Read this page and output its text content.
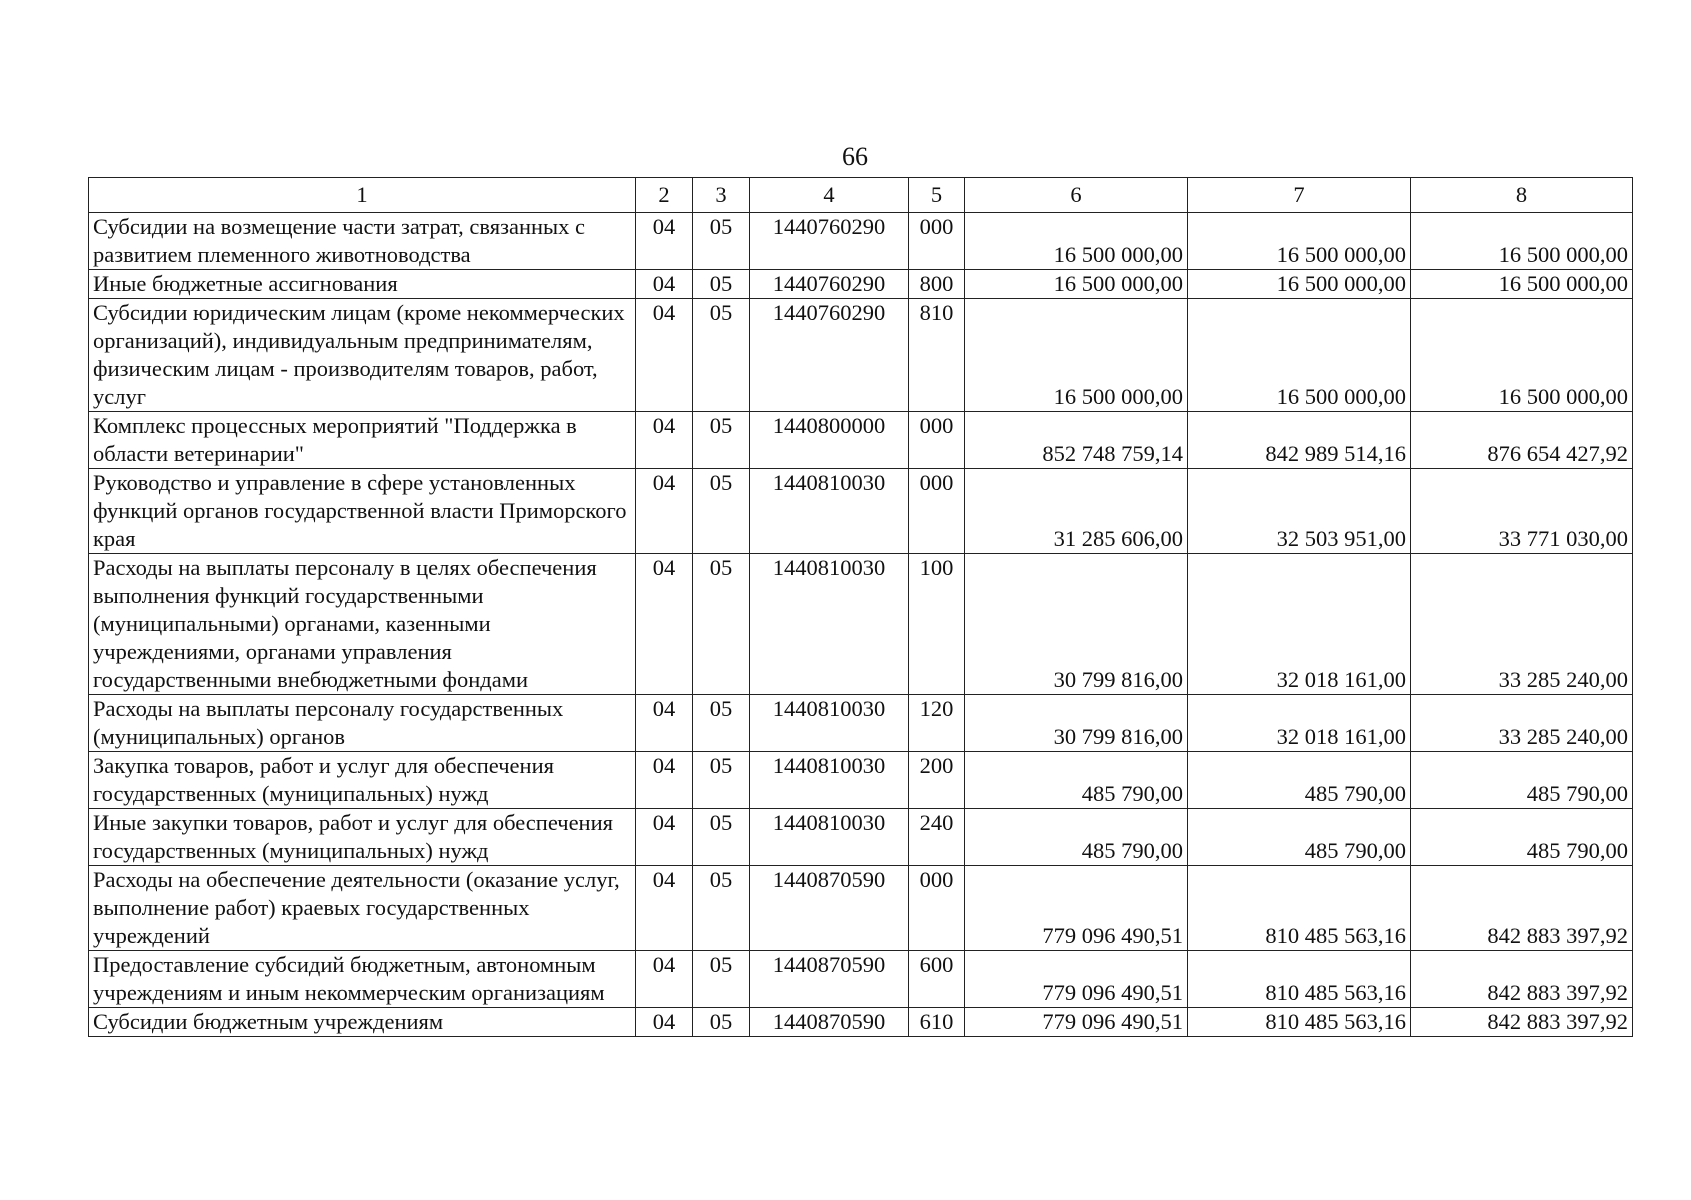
66
1	2	3	4	5	6	7	8
Субсидии на возмещение части затрат, связанных с развитием племенного животноводства	04	05	1440760290	000	16 500 000,00	16 500 000,00	16 500 000,00
Иные бюджетные ассигнования	04	05	1440760290	800	16 500 000,00	16 500 000,00	16 500 000,00
Субсидии юридическим лицам (кроме некоммерческих организаций), индивидуальным предпринимателям, физическим лицам - производителям товаров, работ, услуг	04	05	1440760290	810	16 500 000,00	16 500 000,00	16 500 000,00
Комплекс процессных мероприятий "Поддержка в области ветеринарии"	04	05	1440800000	000	852 748 759,14	842 989 514,16	876 654 427,92
Руководство и управление в сфере установленных функций органов государственной власти Приморского края	04	05	1440810030	000	31 285 606,00	32 503 951,00	33 771 030,00
Расходы на выплаты персоналу в целях обеспечения выполнения функций государственными (муниципальными) органами, казенными учреждениями, органами управления государственными внебюджетными фондами	04	05	1440810030	100	30 799 816,00	32 018 161,00	33 285 240,00
Расходы на выплаты персоналу государственных (муниципальных) органов	04	05	1440810030	120	30 799 816,00	32 018 161,00	33 285 240,00
Закупка товаров, работ и услуг для обеспечения государственных (муниципальных) нужд	04	05	1440810030	200	485 790,00	485 790,00	485 790,00
Иные закупки товаров, работ и услуг для обеспечения государственных (муниципальных) нужд	04	05	1440810030	240	485 790,00	485 790,00	485 790,00
Расходы на обеспечение деятельности (оказание услуг, выполнение работ) краевых государственных учреждений	04	05	1440870590	000	779 096 490,51	810 485 563,16	842 883 397,92
Предоставление субсидий бюджетным, автономным учреждениям и иным некоммерческим организациям	04	05	1440870590	600	779 096 490,51	810 485 563,16	842 883 397,92
Субсидии бюджетным учреждениям	04	05	1440870590	610	779 096 490,51	810 485 563,16	842 883 397,92
